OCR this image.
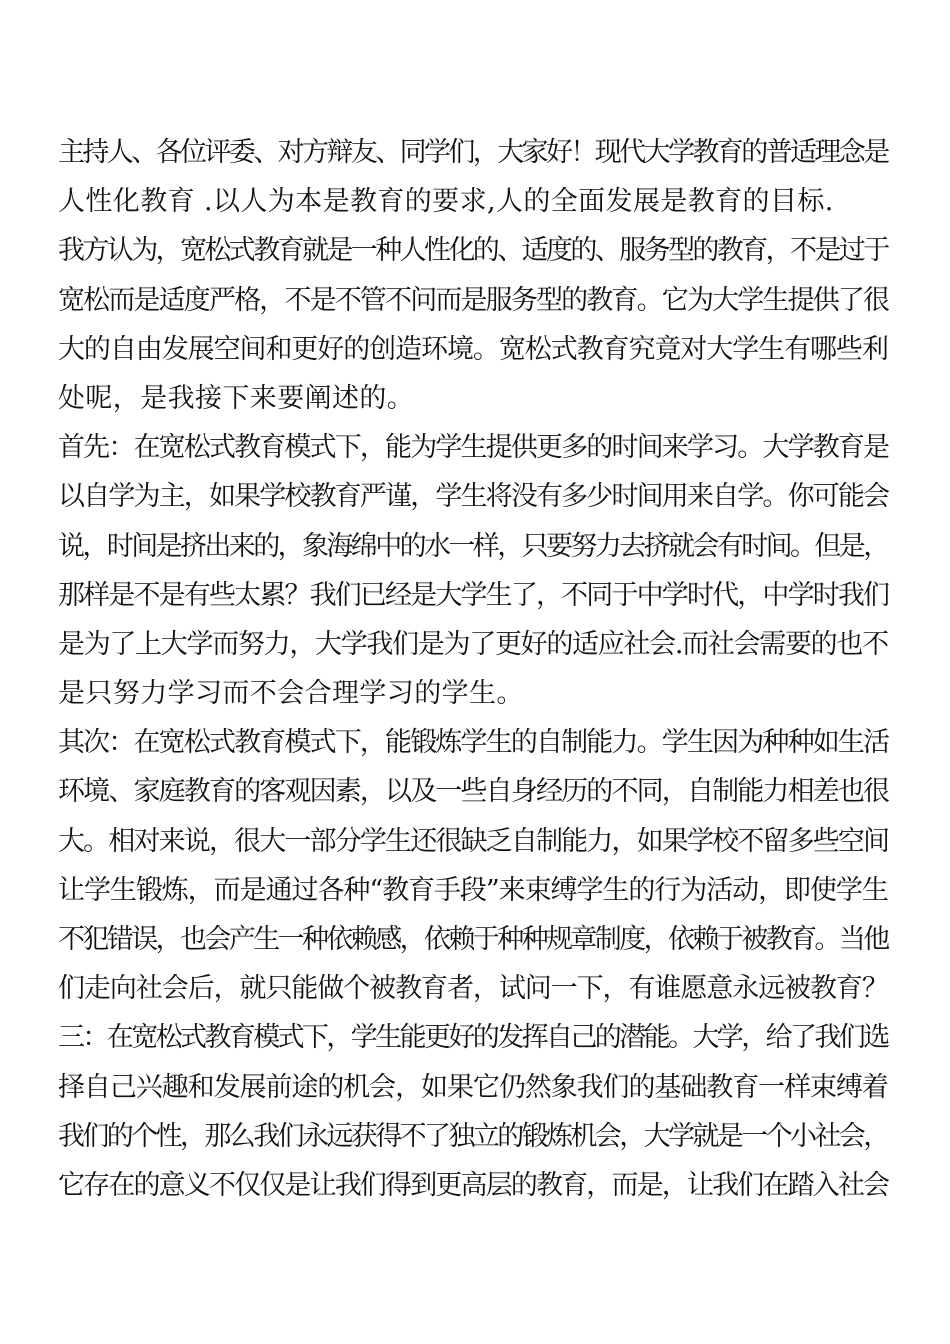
主持人、各位评委、对方辩友、同学们，大家好！现代大学教育的普适理念是
人性化教育 .以人为本是教育的要求,人的全面发展是教育的目标.
我方认为，宽松式教育就是一种人性化的、适度的、服务型的教育，不是过于
宽松而是适度严格，不是不管不问而是服务型的教育。它为大学生提供了很
大的自由发展空间和更好的创造环境。宽松式教育究竟对大学生有哪些利
处呢，是我接下来要阐述的。
首先：在宽松式教育模式下，能为学生提供更多的时间来学习。大学教育是
以自学为主，如果学校教育严谨，学生将没有多少时间用来自学。你可能会
说，时间是挤出来的，象海绵中的水一样，只要努力去挤就会有时间。但是，
那样是不是有些太累？我们已经是大学生了，不同于中学时代，中学时我们
是为了上大学而努力，大学我们是为了更好的适应社会.而社会需要的也不
是只努力学习而不会合理学习的学生。
其次：在宽松式教育模式下，能锻炼学生的自制能力。学生因为种种如生活
环境、家庭教育的客观因素，以及一些自身经历的不同，自制能力相差也很
大。相对来说，很大一部分学生还很缺乏自制能力，如果学校不留多些空间
让学生锻炼，而是通过各种“教育手段”来束缚学生的行为活动，即使学生
不犯错误，也会产生一种依赖感，依赖于种种规章制度，依赖于被教育。当他
们走向社会后，就只能做个被教育者，试问一下，有谁愿意永远被教育？
三：在宽松式教育模式下，学生能更好的发挥自己的潜能。大学，给了我们选
择自己兴趣和发展前途的机会，如果它仍然象我们的基础教育一样束缚着
我们的个性，那么我们永远获得不了独立的锻炼机会，大学就是一个小社会，
它存在的意义不仅仅是让我们得到更高层的教育，而是，让我们在踏入社会
